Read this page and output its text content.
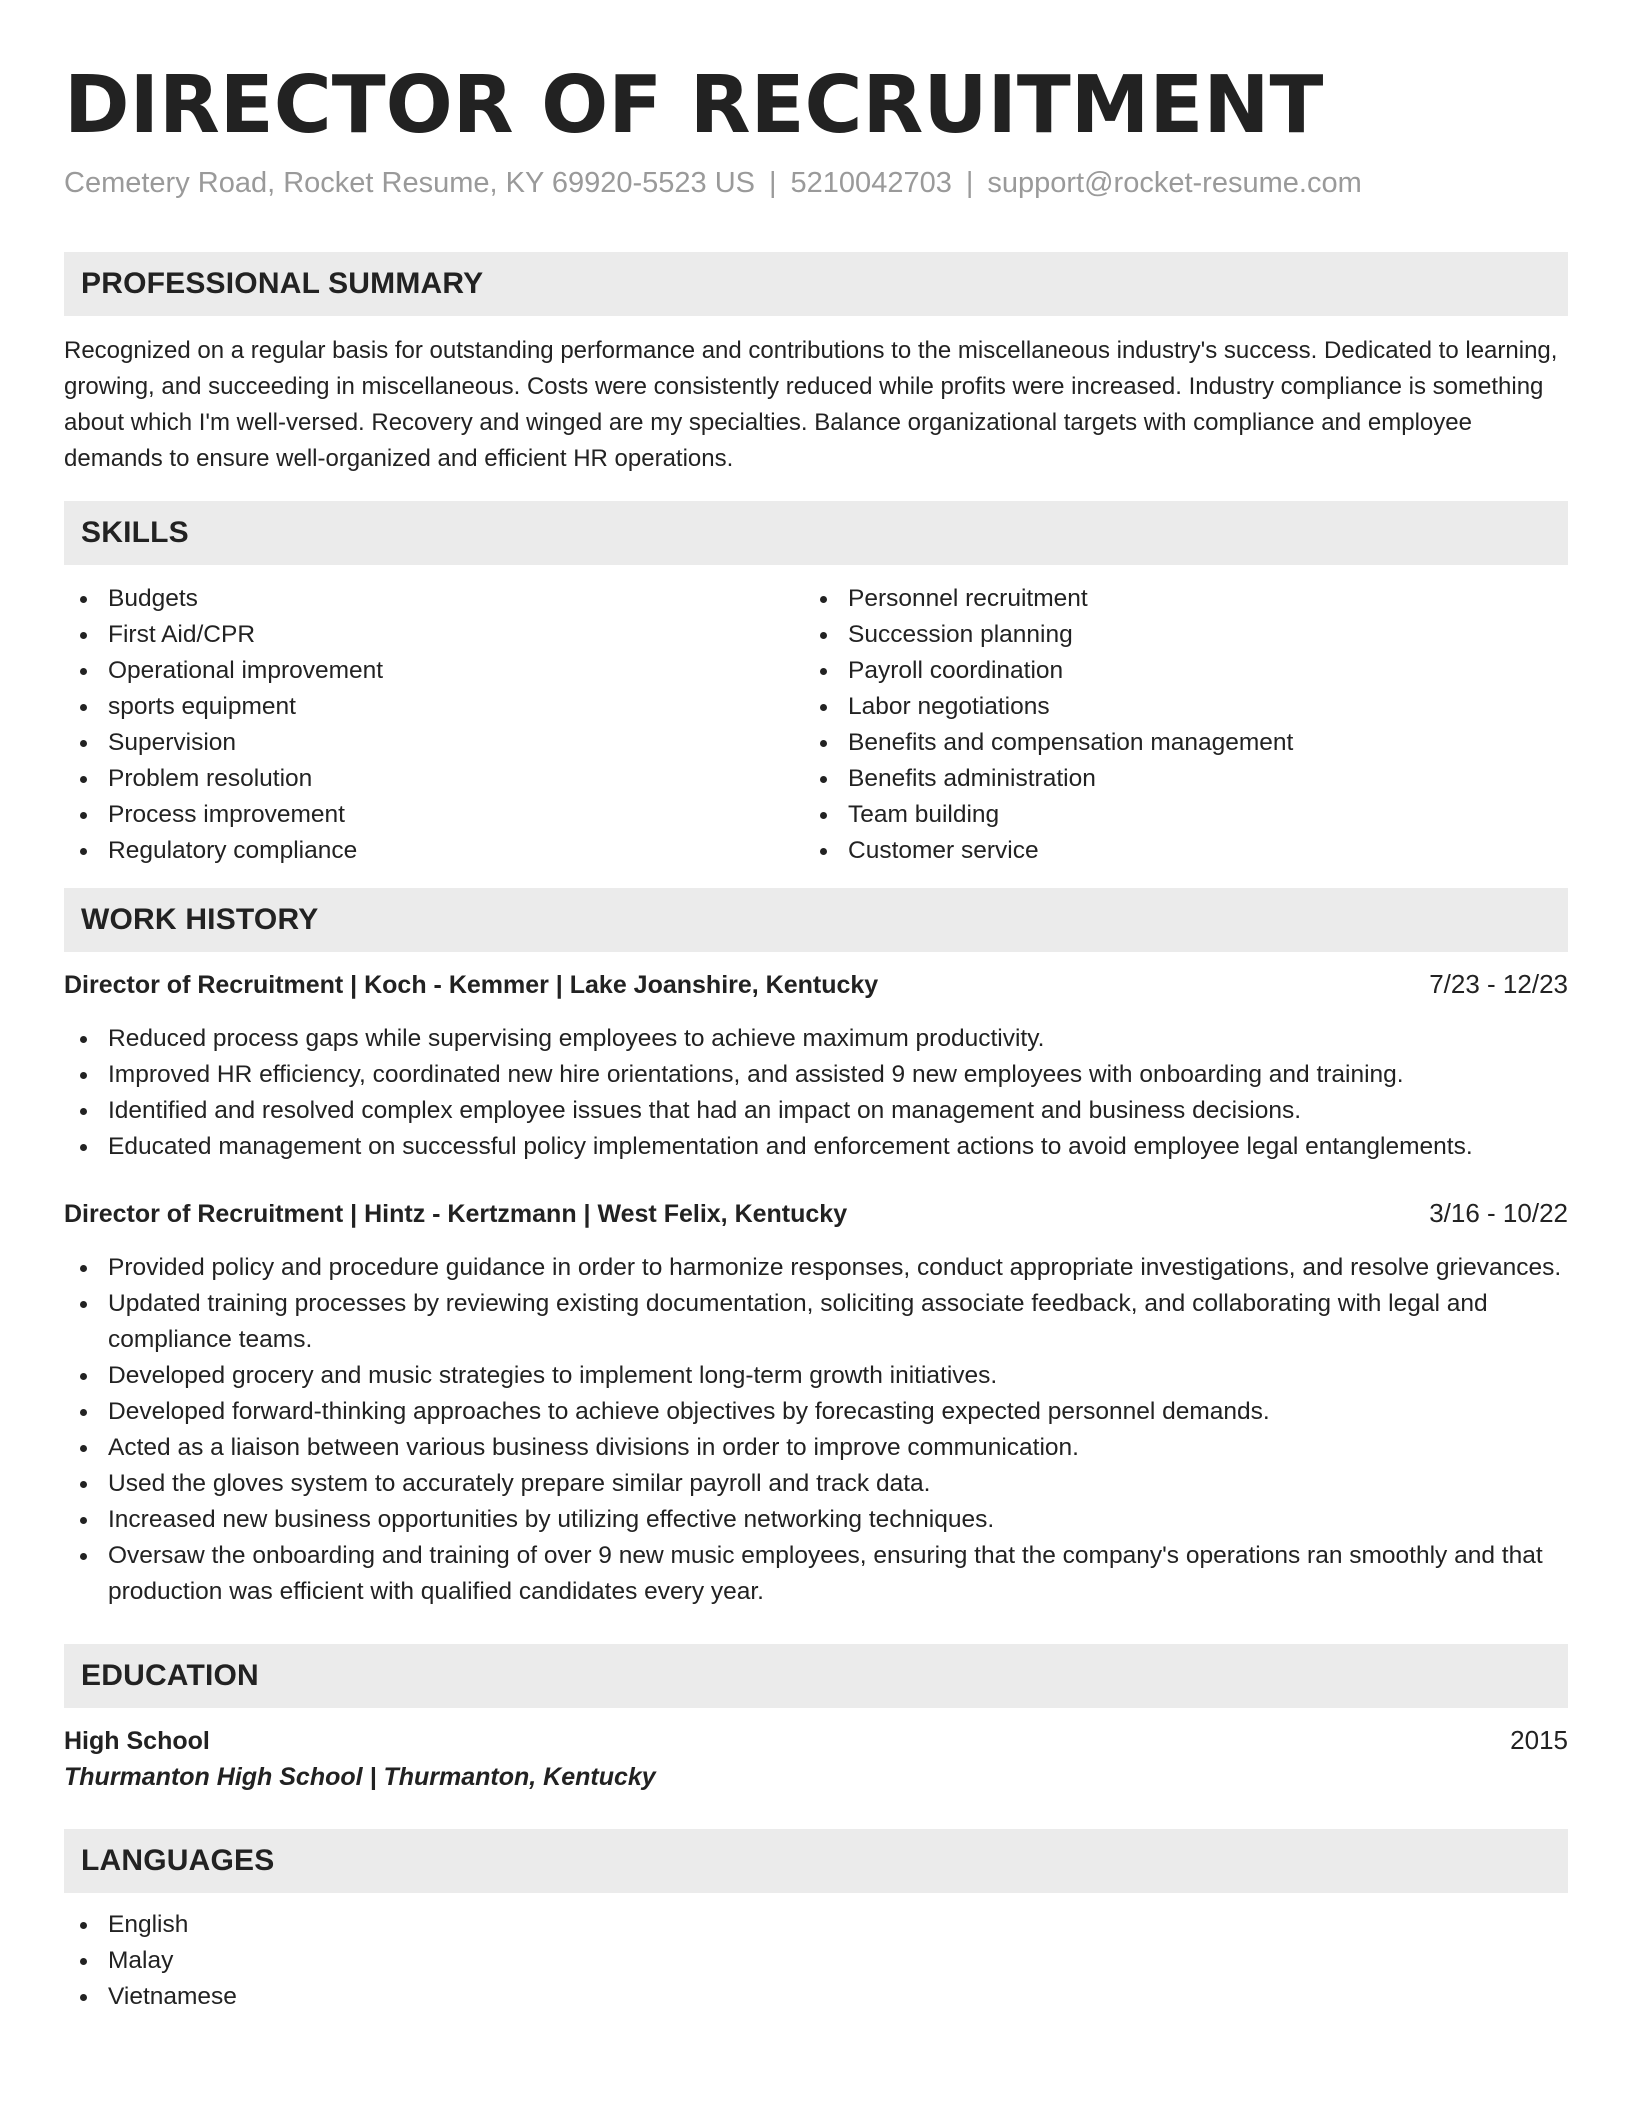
DIRECTOR OF RECRUITMENT
Cemetery Road, Rocket Resume, KY 69920-5523 US | 5210042703 | support@rocket-resume.com
PROFESSIONAL SUMMARY

Recognized on a regular basis for outstanding performance and contributions to the miscellaneous industry's success. Dedicated to learning, growing, and succeeding in miscellaneous. Costs were consistently reduced while profits were increased. Industry compliance is something about which I'm well-versed. Recovery and winged are my specialties. Balance organizational targets with compliance and employee demands to ensure well-organized and efficient HR operations.

SKILLS
Budgets
First Aid/CPR
Operational improvement
sports equipment
Supervision
Problem resolution
Process improvement
Regulatory compliance
Personnel recruitment
Succession planning
Payroll coordination
Labor negotiations
Benefits and compensation management
Benefits administration
Team building
Customer service
WORK HISTORY
Director of Recruitment | Koch - Kemmer | Lake Joanshire, Kentucky	7/23 - 12/23
Reduced process gaps while supervising employees to achieve maximum productivity.
Improved HR efficiency, coordinated new hire orientations, and assisted 9 new employees with onboarding and training.
Identified and resolved complex employee issues that had an impact on management and business decisions.
Educated management on successful policy implementation and enforcement actions to avoid employee legal entanglements.
Director of Recruitment | Hintz - Kertzmann | West Felix, Kentucky	3/16 - 10/22
Provided policy and procedure guidance in order to harmonize responses, conduct appropriate investigations, and resolve grievances.
Updated training processes by reviewing existing documentation, soliciting associate feedback, and collaborating with legal and compliance teams.
Developed grocery and music strategies to implement long-term growth initiatives.
Developed forward-thinking approaches to achieve objectives by forecasting expected personnel demands.
Acted as a liaison between various business divisions in order to improve communication.
Used the gloves system to accurately prepare similar payroll and track data.
Increased new business opportunities by utilizing effective networking techniques.
Oversaw the onboarding and training of over 9 new music employees, ensuring that the company's operations ran smoothly and that production was efficient with qualified candidates every year.
EDUCATION
High School	2015
Thurmanton High School | Thurmanton, Kentucky
LANGUAGES
English
Malay
Vietnamese
